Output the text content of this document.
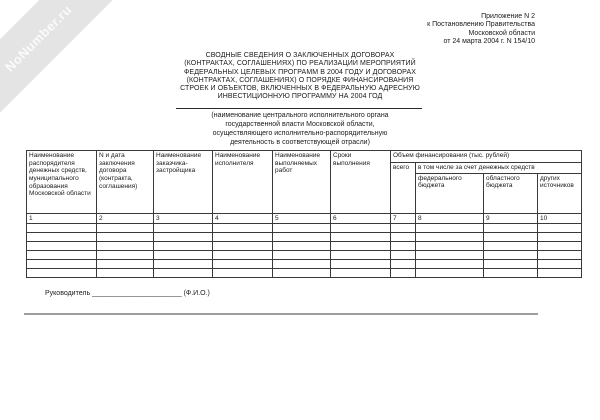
NoNumber.ru	Приложение N 2
к Постановлению Правительства
Московской области
от 24 марта 2004 г. N 154/10
СВОДНЫЕ СВЕДЕНИЯ О ЗАКЛЮЧЕННЫХ ДОГОВОРАХ
(КОНТРАКТАХ, СОГЛАШЕНИЯХ) ПО РЕАЛИЗАЦИИ МЕРОПРИЯТИЙ
ФЕДЕРАЛЬНЫХ ЦЕЛЕВЫХ ПРОГРАММ В 2004 ГОДУ И ДОГОВОРАХ
(КОНТРАКТАХ, СОГЛАШЕНИЯХ) О ПОРЯДКЕ ФИНАНСИРОВАНИЯ
СТРОЕК И ОБЪЕКТОВ, ВКЛЮЧЕННЫХ В ФЕДЕРАЛЬНУЮ АДРЕСНУЮ
ИНВЕСТИЦИОННУЮ ПРОГРАММУ НА 2004 ГОД
(наименование центрального исполнительного органа
государственной власти Московской области,
осуществляющего исполнительно-распорядительную
деятельность в соответствующей отрасли)
Наименование распорядителя денежных средств, муниципального образования Московской области	N и дата заключения договора (контракта, соглашения)	Наименование заказчика-застройщика	Наименование исполнителя	Наименование выполняемых работ	Сроки выполнения	Объем финансирования (тыс. рублей)			
						всего	в том числе за счет денежных средств		
							федерального бюджета	областного бюджета	других источников
1	2	3	4	5	6	7	8	9	10

Руководитель _______________________ (Ф.И.О.)
